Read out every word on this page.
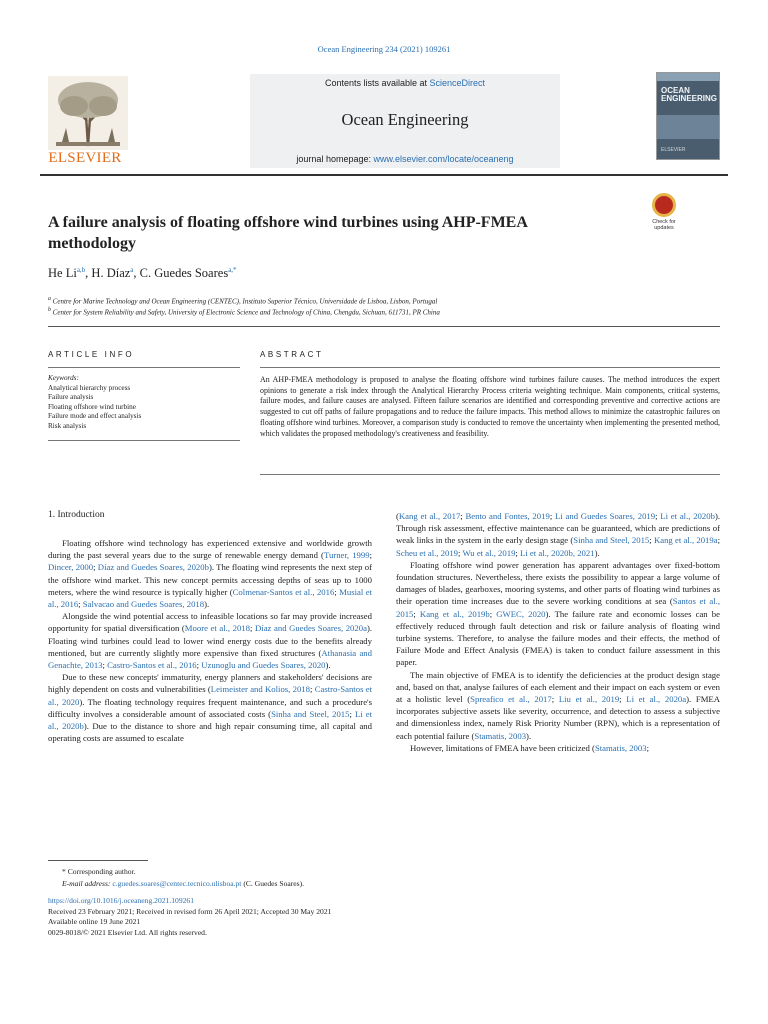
Ocean Engineering 234 (2021) 109261
ELSEVIER
Contents lists available at ScienceDirect
Ocean Engineering
journal homepage: www.elsevier.com/locate/oceaneng
OCEAN ENGINEERING
ELSEVIER
A failure analysis of floating offshore wind turbines using AHP-FMEA methodology
Check for updates
He Li$^{a,b}$, H. Díaz$^a$, C. Guedes Soares$^{a,*}$
$^a$ Centre for Marine Technology and Ocean Engineering (CENTEC), Instituto Superior Técnico, Universidade de Lisboa, Lisbon, Portugal
$^b$ Center for System Reliability and Safety, University of Electronic Science and Technology of China, Chengdu, Sichuan, 611731, PR China
ARTICLE INFO	ABSTRACT
Keywords:
Analytical hierarchy process
Failure analysis
Floating offshore wind turbine
Failure mode and effect analysis
Risk analysis

An AHP-FMEA methodology is proposed to analyse the floating offshore wind turbines failure causes. The method introduces the expert opinions to generate a risk index through the Analytical Hierarchy Process criteria weighting technique. Main components, critical systems, failure modes, and failure causes are analysed. Fifteen failure scenarios are identified and corresponding preventive and corrective actions are suggested to cut off paths of failure propagations and to reduce the failure impacts. This method allows to minimize the catastrophic failures on floating offshore wind turbines. Moreover, a comparison study is conducted to remove the uncertainty when implementing the presented method, which validates the proposed methodology's creativeness and feasibility.

1. Introduction

Floating offshore wind technology has experienced extensive and worldwide growth during the past several years due to the surge of renewable energy demand (Turner, 1999; Dincer, 2000; Díaz and Guedes Soares, 2020b). The floating wind represents the next step of the offshore wind market. This new concept permits accessing depths of seas up to 1000 meters, where the wind resource is typically higher (Colmenar-Santos et al., 2016; Musial et al., 2016; Salvacao and Guedes Soares, 2018).

Alongside the wind potential access to infeasible locations so far may provide increased opportunity for spatial diversification (Moore et al., 2018; Díaz and Guedes Soares, 2020a). Floating wind turbines could lead to lower wind energy costs due to the benefits already mentioned, but are currently slightly more expensive than fixed structures (Athanasia and Genachte, 2013; Castro-Santos et al., 2016; Uzunoglu and Guedes Soares, 2020).

Due to these new concepts' immaturity, energy planners and stakeholders' decisions are highly dependent on costs and vulnerabilities (Leimeister and Kolios, 2018; Castro-Santos et al., 2020). The floating technology requires frequent maintenance, and such a procedure's difficulty involves a considerable amount of associated costs (Sinha and Steel, 2015; Li et al., 2020b). Due to the distance to shore and high repair consuming time, all capital and operating costs are assumed to escalate

(Kang et al., 2017; Bento and Fontes, 2019; Li and Guedes Soares, 2019; Li et al., 2020b). Through risk assessment, effective maintenance can be guaranteed, which are predictions of weak links in the system in the early design stage (Sinha and Steel, 2015; Kang et al., 2019a; Scheu et al., 2019; Wu et al., 2019; Li et al., 2020b, 2021).

Floating offshore wind power generation has apparent advantages over fixed-bottom foundation structures. Nevertheless, there exists the possibility to appear a large volume of damages of blades, gearboxes, mooring systems, and other parts of floating wind turbines as their operation time increases due to the severe working conditions at sea (Santos et al., 2015; Kang et al., 2019b; GWEC, 2020). The failure rate and economic losses can be effectively reduced through fault detection and risk or failure analysis of floating wind turbine systems. Therefore, to analyse the failure modes and their effects, the method of Failure Mode and Effect Analysis (FMEA) is taken to conduct failure assessment in this paper.

The main objective of FMEA is to identify the deficiencies at the product design stage and, based on that, analyse failures of each element and their impact on each system or even at a holistic level (Spreafico et al., 2017; Liu et al., 2019; Li et al., 2020a). FMEA incorporates subjective assets like severity, occurrence, and detection to assess a subjective and dimensionless index, namely Risk Priority Number (RPN), which is a representation of each potential failure (Stamatis, 2003).

However, limitations of FMEA have been criticized (Stamatis, 2003;

* Corresponding author.
E-mail address: c.guedes.soares@centec.tecnico.ulisboa.pt (C. Guedes Soares).
https://doi.org/10.1016/j.oceaneng.2021.109261
Received 23 February 2021; Received in revised form 26 April 2021; Accepted 30 May 2021
Available online 19 June 2021
0029-8018/© 2021 Elsevier Ltd. All rights reserved.
